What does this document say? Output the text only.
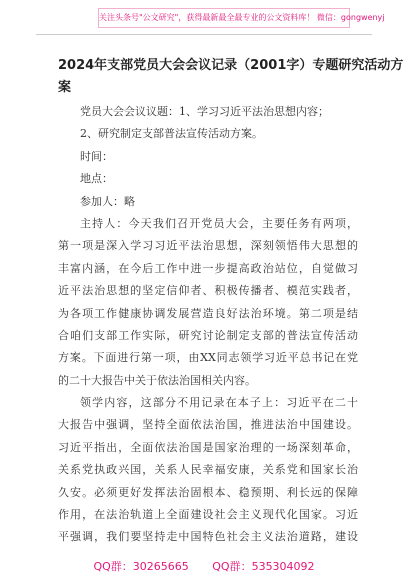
关注头条号"公文研究"，获得最新最全最专业的公文资料库！ 微信：gongwenyj
2024年支部党员大会会议记录（2001字）专题研究活动方
案
党员大会会议议题：1、学习习近平法治思想内容；
2、研究制定支部普法宣传活动方案。
时间：
地点：
参加人：略
主持人：今天我们召开党员大会，主要任务有两项，
第一项是深入学习习近平法治思想，深刻领悟伟大思想的
丰富内涵，在今后工作中进一步提高政治站位，自觉做习
近平法治思想的坚定信仰者、积极传播者、模范实践者，
为各项工作健康协调发展营造良好法治环境。第二项是结
合咱们支部工作实际，研究讨论制定支部的普法宣传活动
方案。下面进行第一项，由XX同志领学习近平总书记在党
的二十大报告中关于依法治国相关内容。
领学内容，这部分不用记录在本子上：习近平在二十
大报告中强调，坚持全面依法治国，推进法治中国建设。
习近平指出，全面依法治国是国家治理的一场深刻革命，
关系党执政兴国，关系人民幸福安康，关系党和国家长治
久安。必须更好发挥法治固根本、稳预期、利长远的保障
作用，在法治轨道上全面建设社会主义现代化国家。习近
平强调，我们要坚持走中国特色社会主义法治道路，建设
QQ群：30265665 QQ群：535304092
